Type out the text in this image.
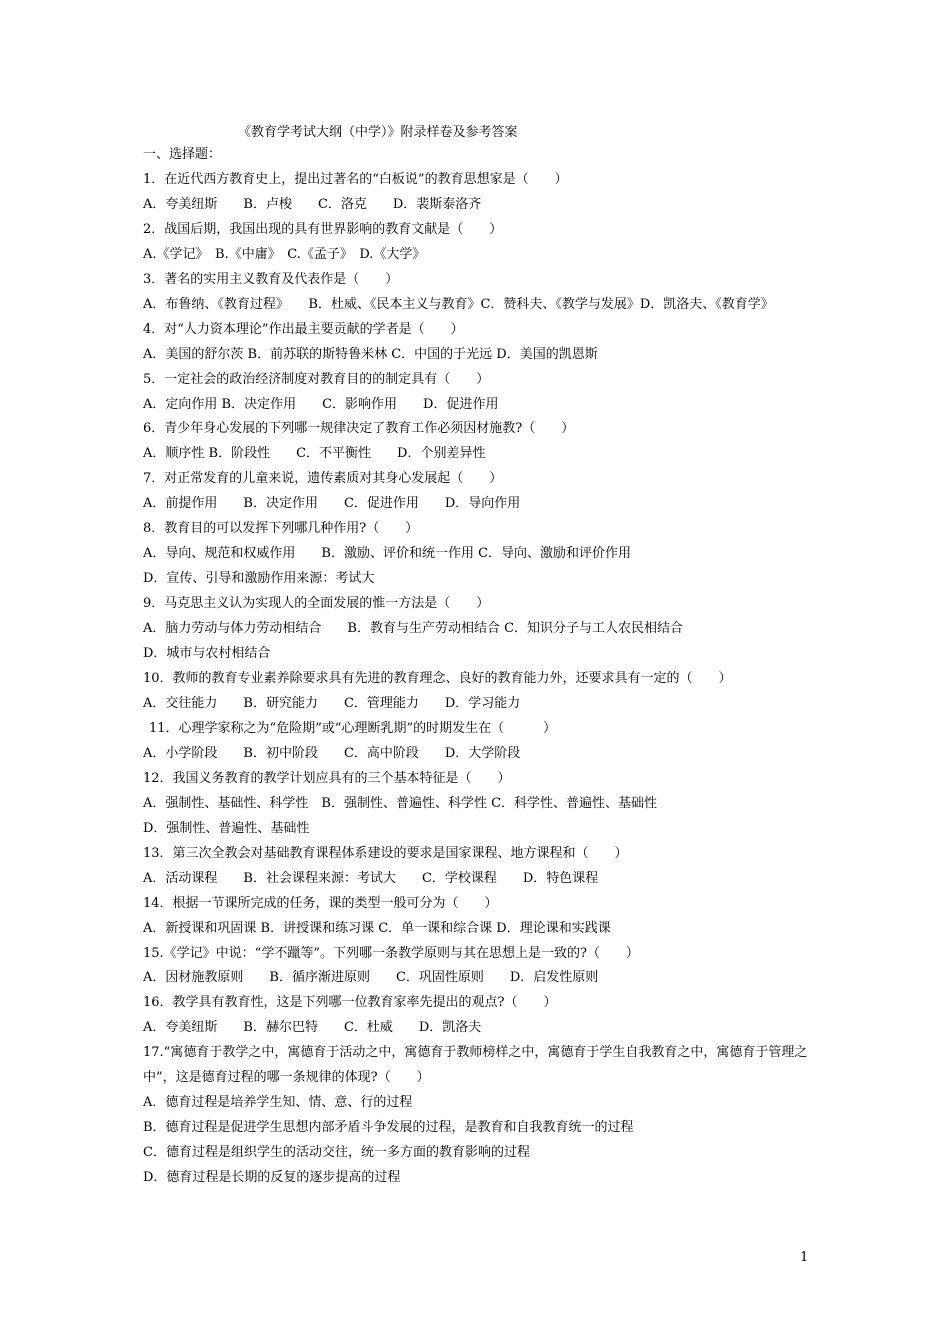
《教育学考试大纲（中学）》附录样卷及参考答案
一、选择题：
1．在近代西方教育史上，提出过著名的“白板说”的教育思想家是（　　）
A．夸美纽斯　　B．卢梭　　C．洛克　　D．裴斯泰洛齐
2．战国后期，我国出现的具有世界影响的教育文献是（　　）
A.《学记》　B.《中庸》　C.《孟子》　D.《大学》
3．著名的实用主义教育及代表作是（　　）
A．布鲁纳、《教育过程》　　B．杜威、《民本主义与教育》C．赞科夫、《教学与发展》D．凯洛夫、《教育学》
4．对“人力资本理论”作出最主要贡献的学者是（　　）
A．美国的舒尔茨 B．前苏联的斯特鲁米林 C．中国的于光远 D．美国的凯恩斯
5．一定社会的政治经济制度对教育目的的制定具有（　　）
A．定向作用 B．决定作用　　C．影响作用　　D．促进作用
6．青少年身心发展的下列哪一规律决定了教育工作必须因材施教?（　　）
A．顺序性 B．阶段性　　C．不平衡性　　D．个别差异性
7．对正常发育的儿童来说，遗传素质对其身心发展起（　　）
A．前提作用　　B．决定作用　　C．促进作用　　D．导向作用
8．教育目的可以发挥下列哪几种作用?（　　）
A．导向、规范和权威作用　　B．激励、评价和统一作用 C．导向、激励和评价作用
D．宣传、引导和激励作用来源：考试大
9．马克思主义认为实现人的全面发展的惟一方法是（　　）
A．脑力劳动与体力劳动相结合　　B．教育与生产劳动相结合 C．知识分子与工人农民相结合
D．城市与农村相结合
10．教师的教育专业素养除要求具有先进的教育理念、良好的教育能力外，还要求具有一定的（　　）
A．交往能力　　B．研究能力　　C．管理能力　　D．学习能力
11．心理学家称之为“危险期”或“心理断乳期”的时期发生在（　　　）
A．小学阶段　　B．初中阶段　　C．高中阶段　　D．大学阶段
12．我国义务教育的教学计划应具有的三个基本特征是（　　）
A．强制性、基础性、科学性　B．强制性、普遍性、科学性 C．科学性、普遍性、基础性
D．强制性、普遍性、基础性
13．第三次全教会对基础教育课程体系建设的要求是国家课程、地方课程和（　　）
A．活动课程　　B．社会课程来源：考试大　　C．学校课程　　D．特色课程
14．根据一节课所完成的任务，课的类型一般可分为（　　）
A．新授课和巩固课 B．讲授课和练习课 C．单一课和综合课 D．理论课和实践课
15.《学记》中说：“学不躐等”。下列哪一条教学原则与其在思想上是一致的?（　　）
A．因材施教原则　　B．循序渐进原则　　C．巩固性原则　　D．启发性原则
16．教学具有教育性，这是下列哪一位教育家率先提出的观点?（　　）
A．夸美纽斯　　B．赫尔巴特　　C．杜威　　D．凯洛夫
17.“寓德育于教学之中，寓德育于活动之中，寓德育于教师榜样之中，寓德育于学生自我教育之中，寓德育于管理之中”，这是德育过程的哪一条规律的体现?（　　）
A．德育过程是培养学生知、情、意、行的过程
B．德育过程是促进学生思想内部矛盾斗争发展的过程，是教育和自我教育统一的过程
C．德育过程是组织学生的活动交往，统一多方面的教育影响的过程
D．德育过程是长期的反复的逐步提高的过程
1
